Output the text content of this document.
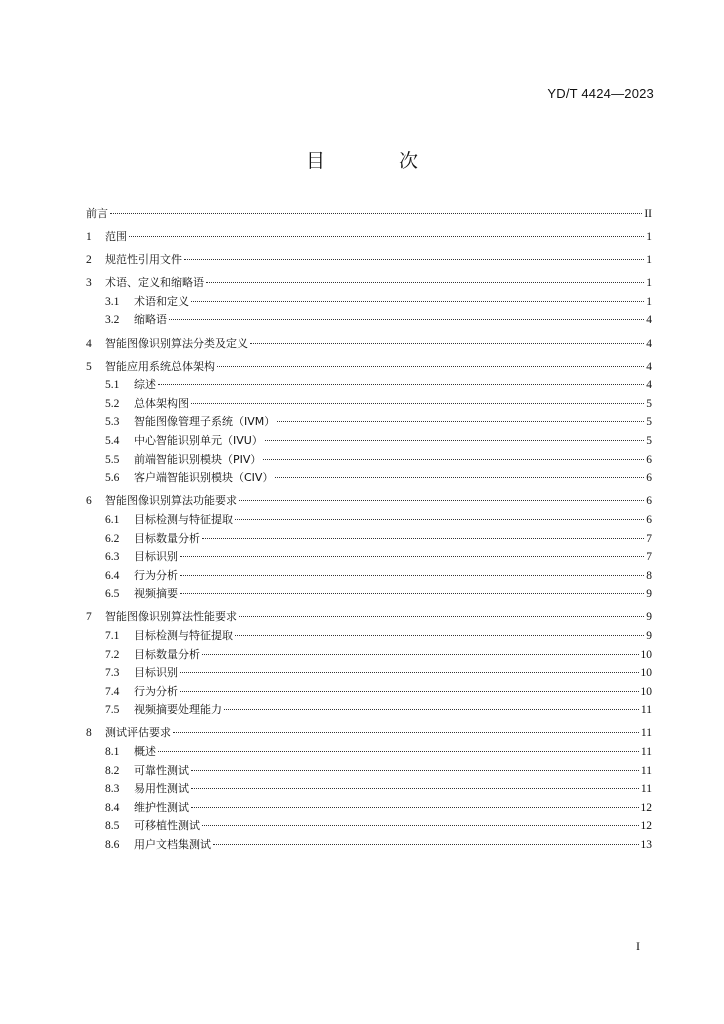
YD/T 4424—2023
目 次
前言	II
1	范围	1
2	规范性引用文件	1
3	术语、定义和缩略语	1
3.1	术语和定义	1
3.2	缩略语	4
4	智能图像识别算法分类及定义	4
5	智能应用系统总体架构	4
5.1	综述	4
5.2	总体架构图	5
5.3	智能图像管理子系统（IVM）	5
5.4	中心智能识别单元（IVU）	5
5.5	前端智能识别模块（PIV）	6
5.6	客户端智能识别模块（CIV）	6
6	智能图像识别算法功能要求	6
6.1	目标检测与特征提取	6
6.2	目标数量分析	7
6.3	目标识别	7
6.4	行为分析	8
6.5	视频摘要	9
7	智能图像识别算法性能要求	9
7.1	目标检测与特征提取	9
7.2	目标数量分析	10
7.3	目标识别	10
7.4	行为分析	10
7.5	视频摘要处理能力	11
8	测试评估要求	11
8.1	概述	11
8.2	可靠性测试	11
8.3	易用性测试	11
8.4	维护性测试	12
8.5	可移植性测试	12
8.6	用户文档集测试	13
I
